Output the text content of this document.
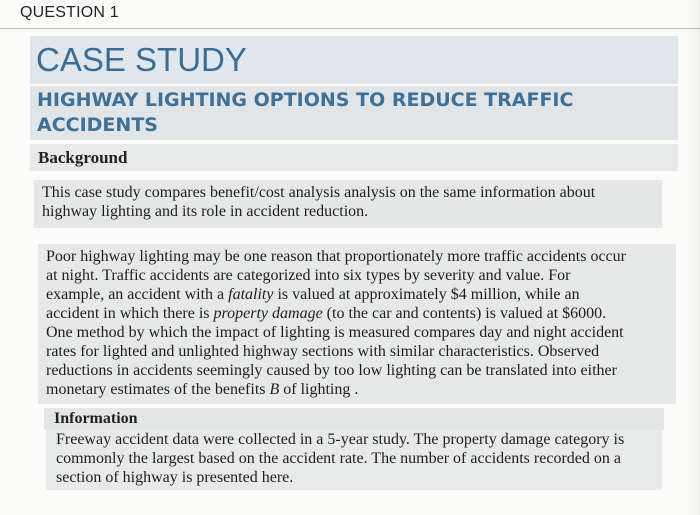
QUESTION 1
CASE STUDY
HIGHWAY LIGHTING OPTIONS TO REDUCE TRAFFIC
ACCIDENTS
Background
This case study compares benefit/cost analysis analysis on the same information about
highway lighting and its role in accident reduction.
Poor highway lighting may be one reason that proportionately more traffic accidents occur
at night. Traffic accidents are categorized into six types by severity and value. For
example, an accident with a fatality is valued at approximately $4 million, while an
accident in which there is property damage (to the car and contents) is valued at $6000.
One method by which the impact of lighting is measured compares day and night accident
rates for lighted and unlighted highway sections with similar characteristics. Observed
reductions in accidents seemingly caused by too low lighting can be translated into either
monetary estimates of the benefits B of lighting .
Information
Freeway accident data were collected in a 5-year study. The property damage category is
commonly the largest based on the accident rate. The number of accidents recorded on a
section of highway is presented here.
